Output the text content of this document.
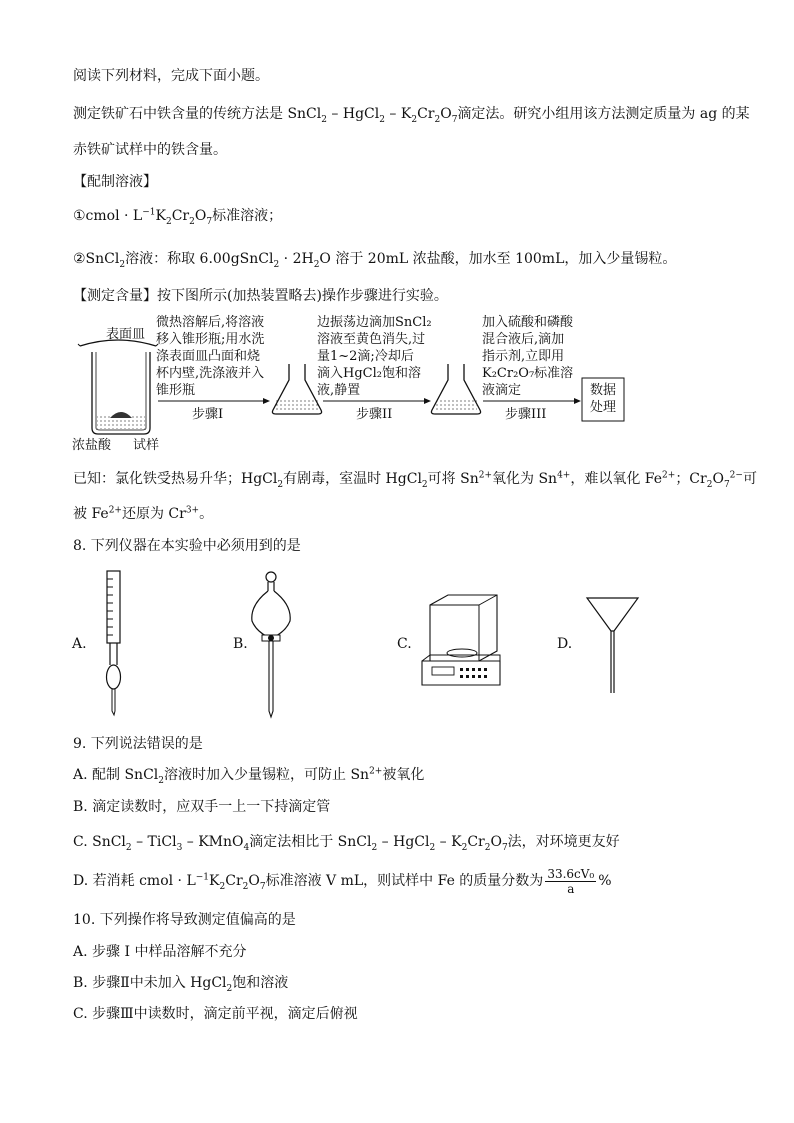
阅读下列材料，完成下面小题。
测定铁矿石中铁含量的传统方法是 SnCl$_2$ – HgCl$_2$ – $K_2Cr_2O_7$滴定法。研究小组用该方法测定质量为 ag 的某
赤铁矿试样中的铁含量。
【配制溶液】
①cmol · $L^{-1}K_2Cr_2O_7$标准溶液；
②SnCl$_2$溶液：称取 6.00gSnCl$_2$ · $2H_2O$ 溶于 20mL 浓盐酸，加水至 100mL，加入少量锡粒。
【测定含量】按下图所示(加热装置略去)操作步骤进行实验。
表面皿
浓盐酸 试样
微热溶解后,将溶液
移入锥形瓶;用水洗
涤表面皿凸面和烧
杯内壁,洗涤液并入
锥形瓶
边振荡边滴加SnCl₂
溶液至黄色消失,过
量1~2滴;冷却后
滴入HgCl₂饱和溶
液,静置
加入硫酸和磷酸
混合液后,滴加
指示剂,立即用
K₂Cr₂O₇标准溶
液滴定
步骤I	步骤II	步骤III
数据
处理
已知：氯化铁受热易升华；HgCl$_2$有剧毒，室温时 HgCl$_2$可将 $Sn^{2+}$氧化为 $Sn^{4+}$，难以氧化 $Fe^{2+}$；$Cr_2O_7^{2-}$可
被 $Fe^{2+}$还原为 $Cr^{3+}$。
8. 下列仪器在本实验中必须用到的是
A.	B.	C.	D.
9. 下列说法错误的是
A. 配制 SnCl$_2$溶液时加入少量锡粒，可防止 $Sn^{2+}$被氧化
B. 滴定读数时，应双手一上一下持滴定管
C. SnCl$_2$ – TiCl$_3$ – KMnO$_4$滴定法相比于 SnCl$_2$ – HgCl$_2$ – $K_2Cr_2O_7$法，对环境更友好
D. 若消耗 cmol · $L^{-1}K_2Cr_2O_7$标准溶液 V mL，则试样中 Fe 的质量分数为 $\frac{\text{33.6cV₀}}{a}$ %
10. 下列操作将导致测定值偏高的是
A. 步骤 I 中样品溶解不充分
B. 步骤Ⅱ中未加入 HgCl$_2$饱和溶液
C. 步骤Ⅲ中读数时，滴定前平视，滴定后俯视
